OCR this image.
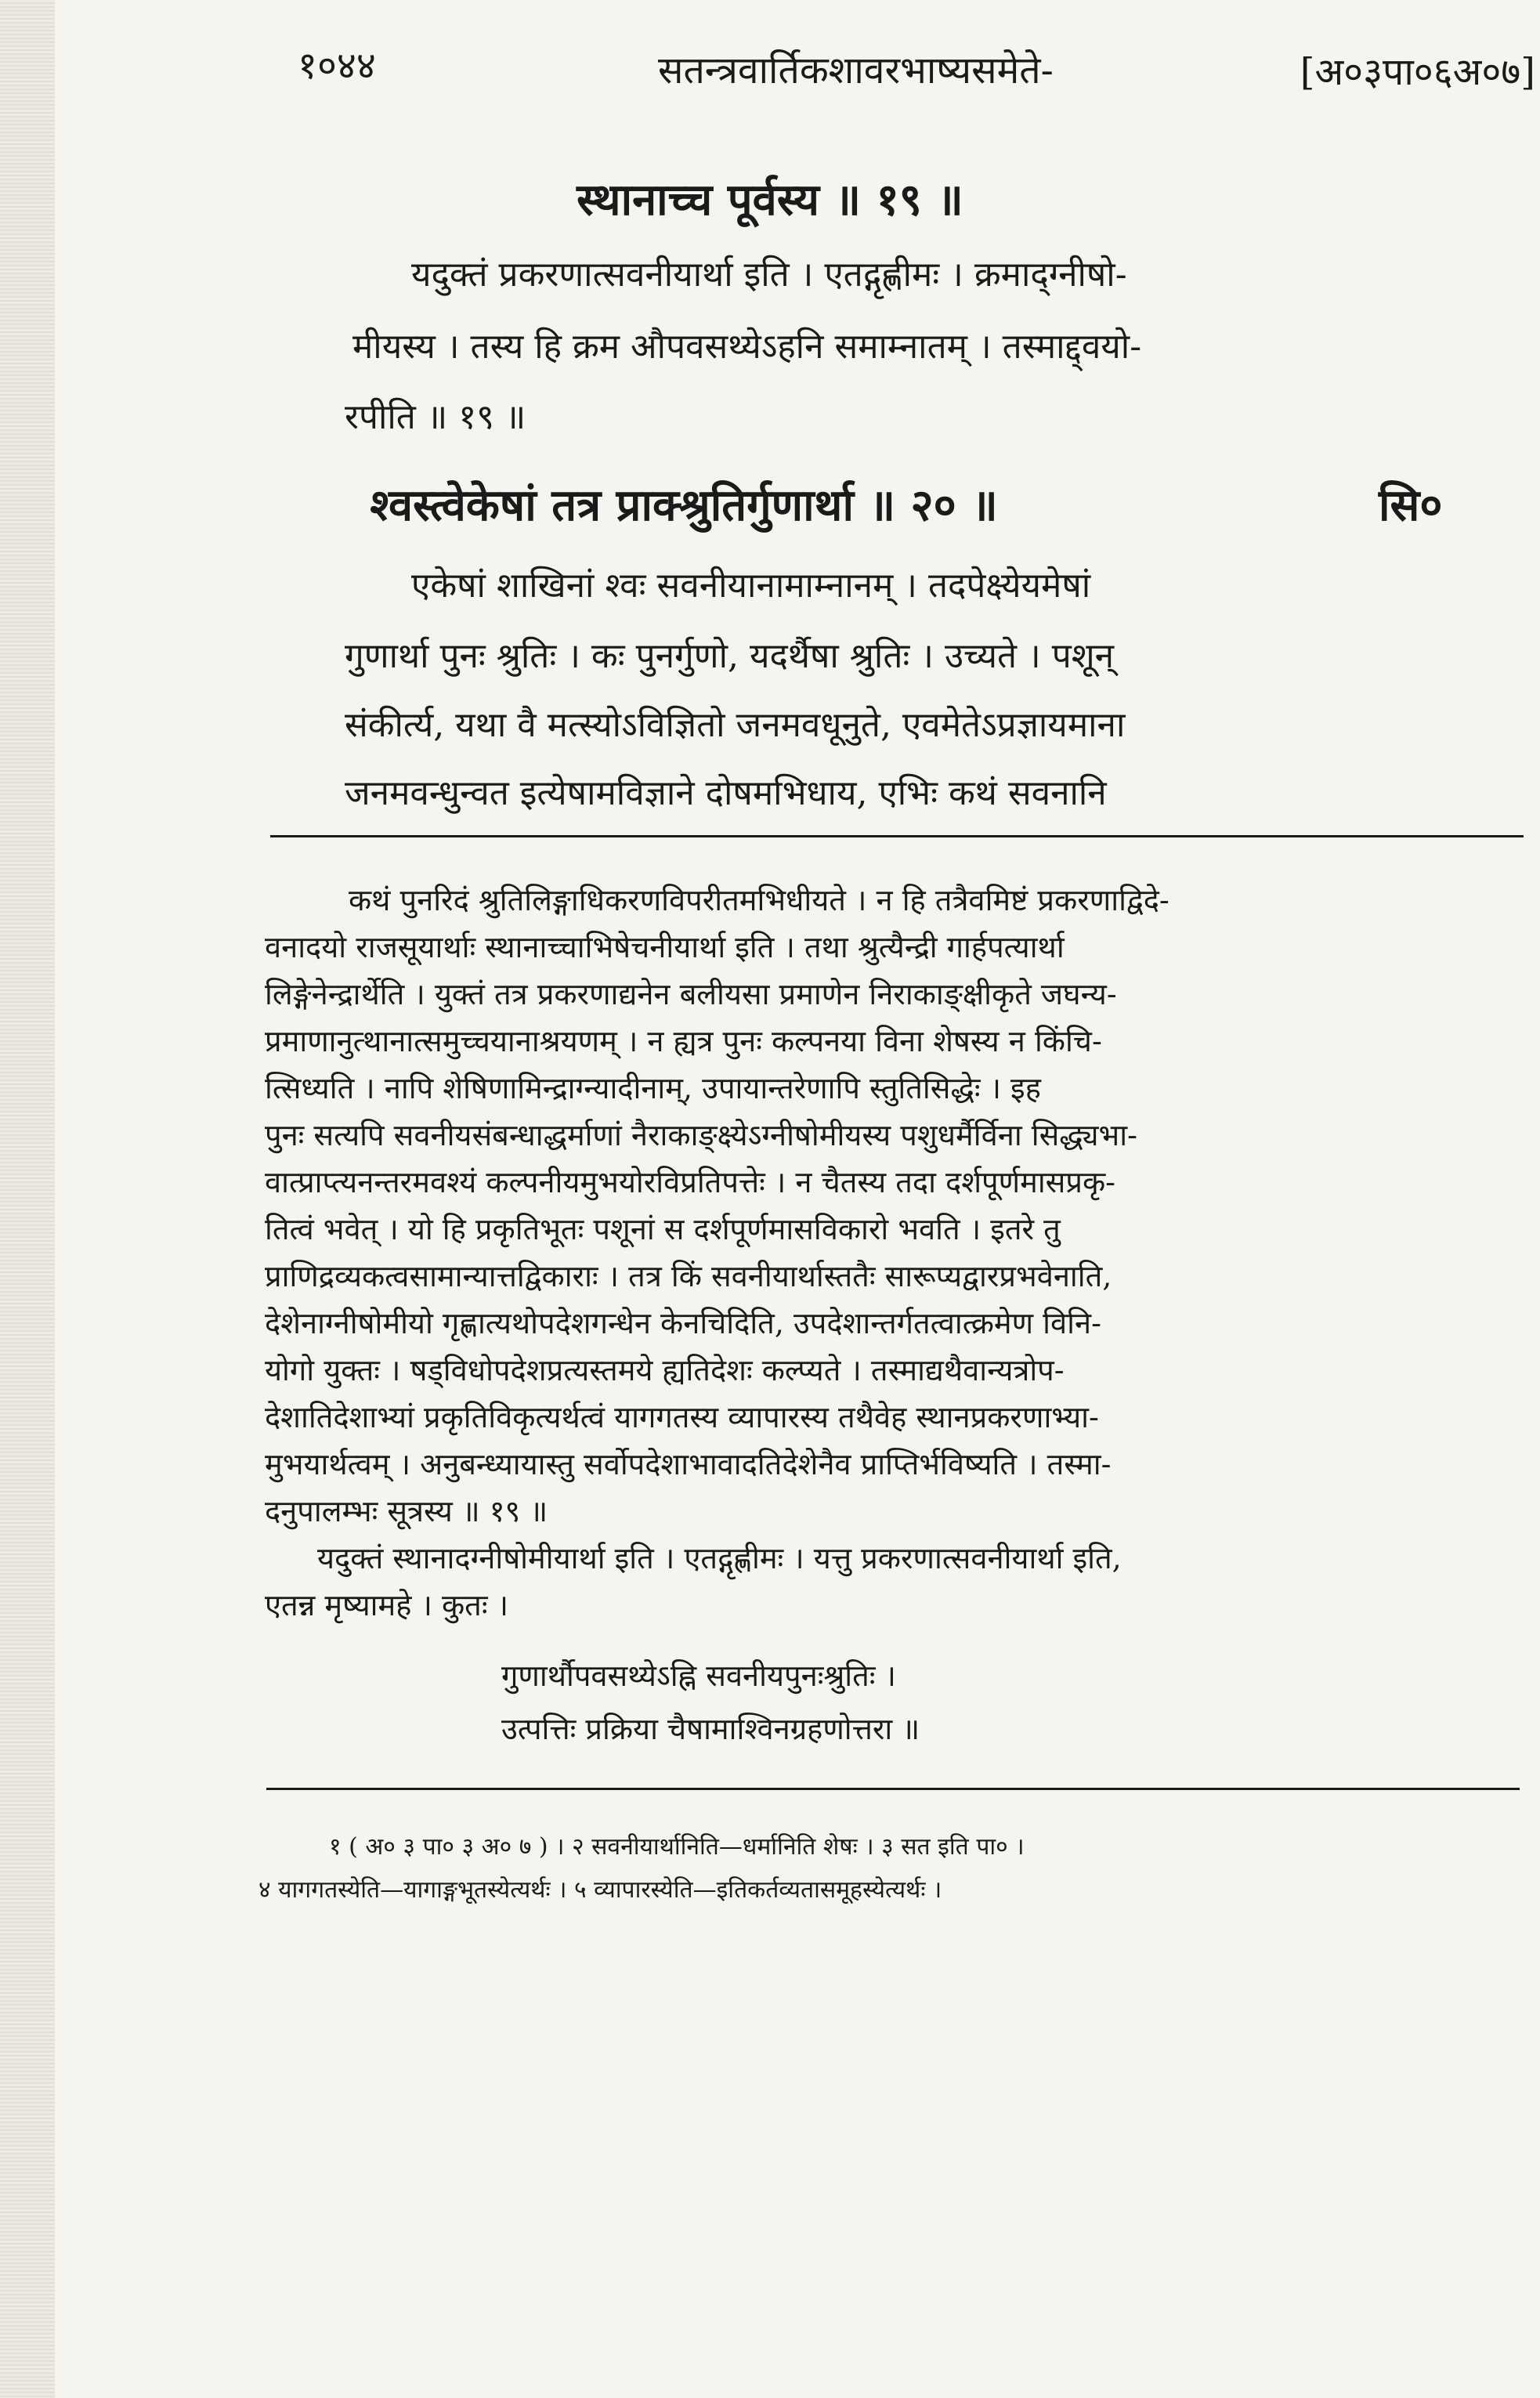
१०४४	सतन्त्रवार्तिकशावरभाष्यसमेते-	[अ०३पा०६अ०७]
स्थानाच्च पूर्वस्य ॥ १९ ॥
यदुक्तं प्रकरणात्सवनीयार्था इति । एतद्गृह्णीमः । क्रमाद्ग्नीषो-
मीयस्य । तस्य हि क्रम औपवसथ्येऽहनि समाम्नातम् । तस्माद्द्वयो-
रपीति ॥ १९ ॥
श्वस्त्वेकेषां तत्र प्राक्श्रुतिर्गुणार्था ॥ २० ॥	सि०
एकेषां शाखिनां श्वः सवनीयानामाम्नानम् । तदपेक्ष्येयमेषां
गुणार्था पुनः श्रुतिः । कः पुनर्गुणो, यदर्थैषा श्रुतिः । उच्यते । पशून्
संकीर्त्य, यथा वै मत्स्योऽविज्ञितो जनमवधूनुते, एवमेतेऽप्रज्ञायमाना
जनमवन्धुन्वत इत्येषामविज्ञाने दोषमभिधाय, एभिः कथं सवनानि
कथं पुनरिदं श्रुतिलिङ्गाधिकरणविपरीतमभिधीयते । न हि तत्रैवमिष्टं प्रकरणाद्विदे-
वनादयो राजसूयार्थाः स्थानाच्चाभिषेचनीयार्था इति । तथा श्रुत्यैन्द्री गार्हपत्यार्था
लिङ्गेनेन्द्रार्थेति । युक्तं तत्र प्रकरणाद्यनेन बलीयसा प्रमाणेन निराकाङ्क्षीकृते जघन्य-
प्रमाणानुत्थानात्समुच्चयानाश्रयणम् । न ह्यत्र पुनः कल्पनया विना शेषस्य न किंचि-
त्सिध्यति । नापि शेषिणामिन्द्राग्न्यादीनाम्, उपायान्तरेणापि स्तुतिसिद्धेः । इह
पुनः सत्यपि सवनीयसंबन्धाद्धर्माणां नैराकाङ्क्ष्येऽग्नीषोमीयस्य पशुधर्मैर्विना सिद्ध्यभा-
वात्प्राप्त्यनन्तरमवश्यं कल्पनीयमुभयोरविप्रतिपत्तेः । न चैतस्य तदा दर्शपूर्णमासप्रकृ-
तित्वं भवेत् । यो हि प्रकृतिभूतः पशूनां स दर्शपूर्णमासविकारो भवति । इतरे तु
प्राणिद्रव्यकत्वसामान्यात्तद्विकाराः । तत्र किं सवनीयार्थास्ततैः सारूप्यद्वारप्रभवेनाति,
देशेनाग्नीषोमीयो गृह्णात्यथोपदेशगन्धेन केनचिदिति, उपदेशान्तर्गतत्वात्क्रमेण विनि-
योगो युक्तः । षड्विधोपदेशप्रत्यस्तमये ह्यतिदेशः कल्प्यते । तस्माद्यथैवान्यत्रोप-
देशातिदेशाभ्यां प्रकृतिविकृत्यर्थत्वं यागगतस्य व्यापारस्य तथैवेह स्थानप्रकरणाभ्या-
मुभयार्थत्वम् । अनुबन्ध्यायास्तु सर्वोपदेशाभावादतिदेशेनैव प्राप्तिर्भविष्यति । तस्मा-
दनुपालम्भः सूत्रस्य ॥ १९ ॥
यदुक्तं स्थानादग्नीषोमीयार्था इति । एतद्गृह्णीमः । यत्तु प्रकरणात्सवनीयार्था इति,
एतन्न मृष्यामहे । कुतः ।
गुणार्थौपवसथ्येऽह्नि सवनीयपुनःश्रुतिः ।
उत्पत्तिः प्रक्रिया चैषामाश्विनग्रहणोत्तरा ॥
१ ( अ० ३ पा० ३ अ० ७ ) । २ सवनीयार्थानिति—धर्मानिति शेषः । ३ सत इति पा० ।
४ यागगतस्येति—यागाङ्गभूतस्येत्यर्थः । ५ व्यापारस्येति—इतिकर्तव्यतासमूहस्येत्यर्थः ।
